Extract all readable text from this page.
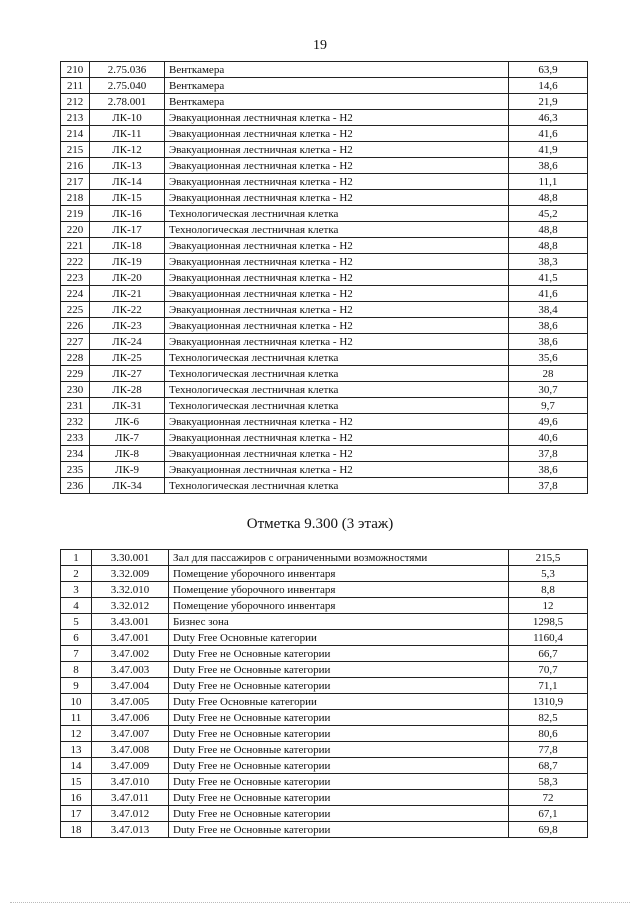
19
210	2.75.036	Венткамера	63,9
211	2.75.040	Венткамера	14,6
212	2.78.001	Венткамера	21,9
213	ЛК-10	Эвакуационная лестничная клетка - Н2	46,3
214	ЛК-11	Эвакуационная лестничная клетка - Н2	41,6
215	ЛК-12	Эвакуационная лестничная клетка - Н2	41,9
216	ЛК-13	Эвакуационная лестничная клетка - Н2	38,6
217	ЛК-14	Эвакуационная лестничная клетка - Н2	11,1
218	ЛК-15	Эвакуационная лестничная клетка - Н2	48,8
219	ЛК-16	Технологическая лестничная клетка	45,2
220	ЛК-17	Технологическая лестничная клетка	48,8
221	ЛК-18	Эвакуационная лестничная клетка - Н2	48,8
222	ЛК-19	Эвакуационная лестничная клетка - Н2	38,3
223	ЛК-20	Эвакуационная лестничная клетка - Н2	41,5
224	ЛК-21	Эвакуационная лестничная клетка - Н2	41,6
225	ЛК-22	Эвакуационная лестничная клетка - Н2	38,4
226	ЛК-23	Эвакуационная лестничная клетка - Н2	38,6
227	ЛК-24	Эвакуационная лестничная клетка - Н2	38,6
228	ЛК-25	Технологическая лестничная клетка	35,6
229	ЛК-27	Технологическая лестничная клетка	28
230	ЛК-28	Технологическая лестничная клетка	30,7
231	ЛК-31	Технологическая лестничная клетка	9,7
232	ЛК-6	Эвакуационная лестничная клетка - Н2	49,6
233	ЛК-7	Эвакуационная лестничная клетка - Н2	40,6
234	ЛК-8	Эвакуационная лестничная клетка - Н2	37,8
235	ЛК-9	Эвакуационная лестничная клетка - Н2	38,6
236	ЛК-34	Технологическая лестничная клетка	37,8
Отметка 9.300 (3 этаж)
1	3.30.001	Зал для пассажиров с ограниченными возможностями	215,5
2	3.32.009	Помещение уборочного инвентаря	5,3
3	3.32.010	Помещение уборочного инвентаря	8,8
4	3.32.012	Помещение уборочного инвентаря	12
5	3.43.001	Бизнес зона	1298,5
6	3.47.001	Duty Free Основные категории	1160,4
7	3.47.002	Duty Free не Основные категории	66,7
8	3.47.003	Duty Free не Основные категории	70,7
9	3.47.004	Duty Free не Основные категории	71,1
10	3.47.005	Duty Free Основные категории	1310,9
11	3.47.006	Duty Free не Основные категории	82,5
12	3.47.007	Duty Free не Основные категории	80,6
13	3.47.008	Duty Free не Основные категории	77,8
14	3.47.009	Duty Free не Основные категории	68,7
15	3.47.010	Duty Free не Основные категории	58,3
16	3.47.011	Duty Free не Основные категории	72
17	3.47.012	Duty Free не Основные категории	67,1
18	3.47.013	Duty Free не Основные категории	69,8
